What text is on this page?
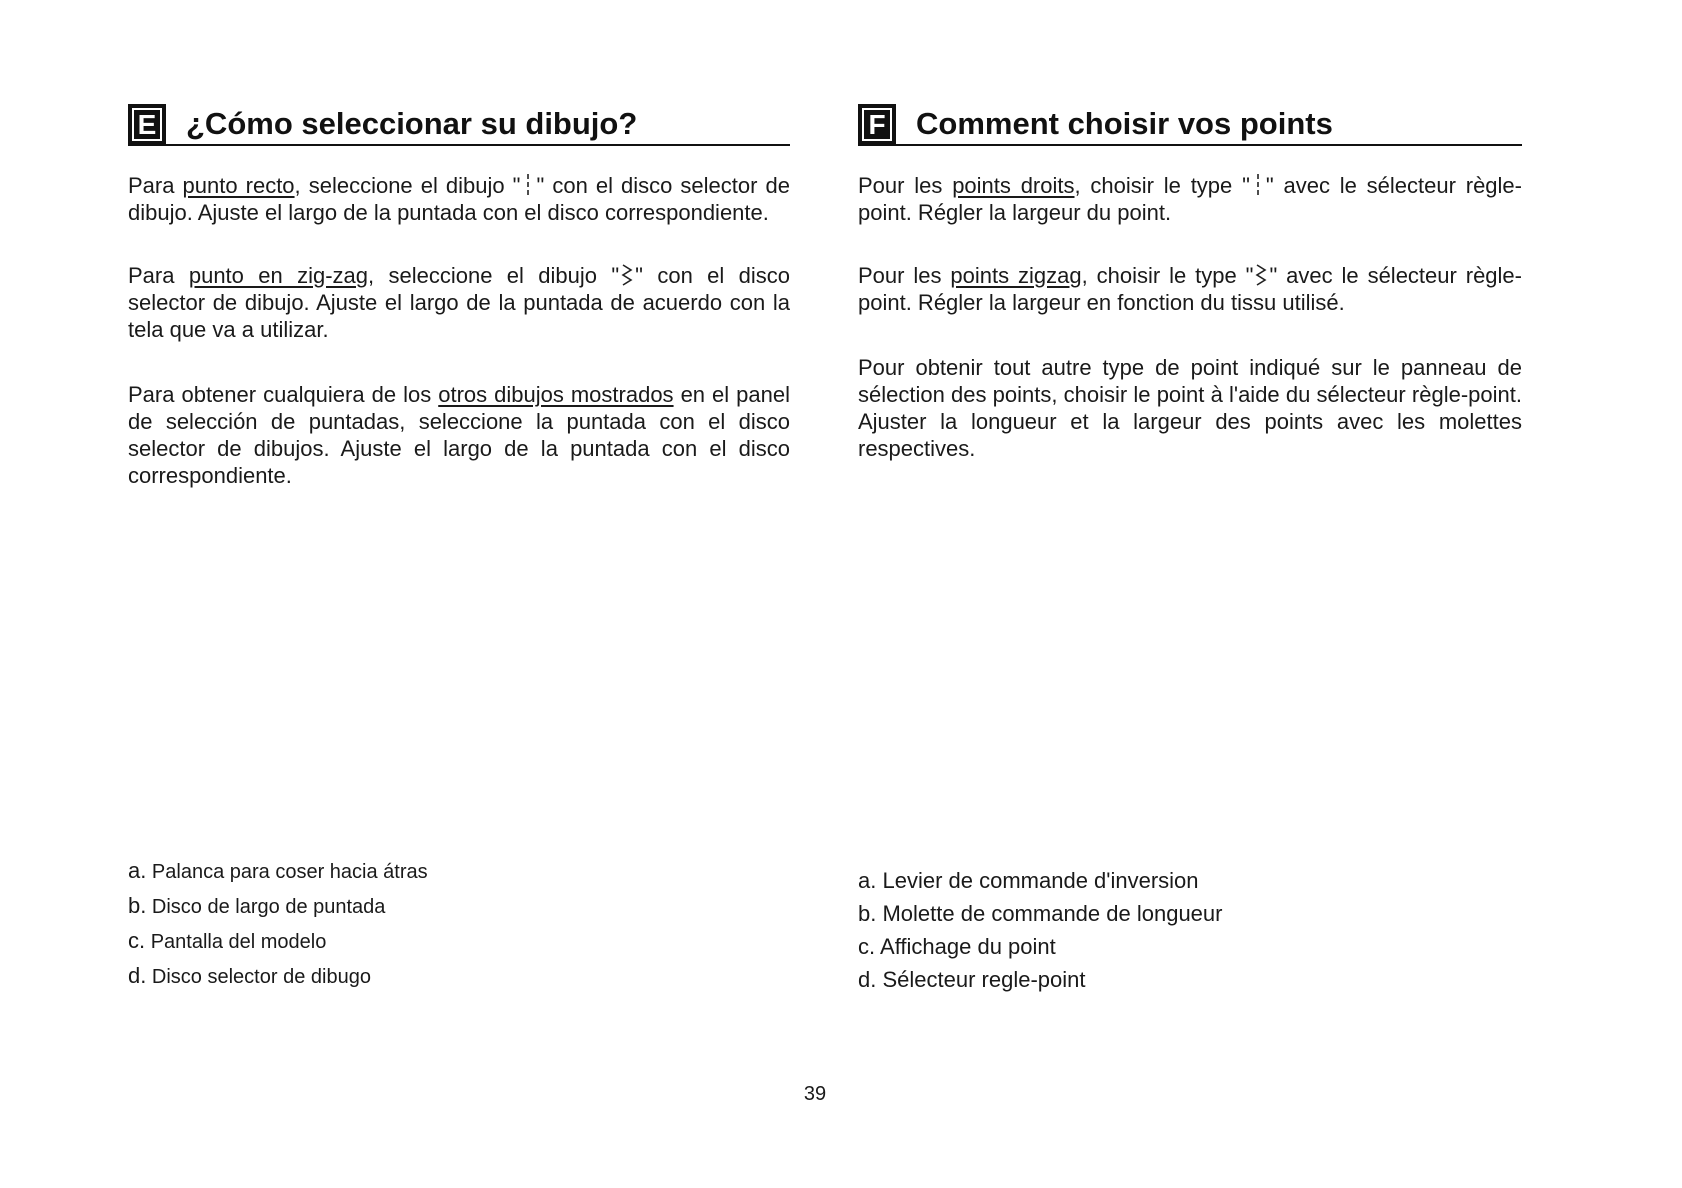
E ¿Cómo seleccionar su dibujo?

Para punto recto, seleccione el dibujo " " con el disco selector de dibujo. Ajuste el largo de la puntada con el disco correspondiente.

Para punto en zig-zag, seleccione el dibujo " " con el disco selector de dibujo. Ajuste el largo de la puntada de acuerdo con la tela que va a utilizar.

Para obtener cualquiera de los otros dibujos mostrados en el panel de selección de puntadas, seleccione la puntada con el disco selector de dibujos. Ajuste el largo de la puntada con el disco correspondiente.

F Comment choisir vos points

Pour les points droits, choisir le type " " avec le sélecteur règle-point. Régler la largeur du point.

Pour les points zigzag, choisir le type " " avec le sélecteur règle-point. Régler la largeur en fonction du tissu utilisé.

Pour obtenir tout autre type de point indiqué sur le panneau de sélection des points, choisir le point à l'aide du sélecteur règle-point. Ajuster la longueur et la largeur des points avec les molettes respectives.

a. Palanca para coser hacia átras
b. Disco de largo de puntada
c. Pantalla del modelo
d. Disco selector de dibugo
a. Levier de commande d'inversion
b. Molette de commande de longueur
c. Affichage du point
d. Sélecteur regle-point
39
